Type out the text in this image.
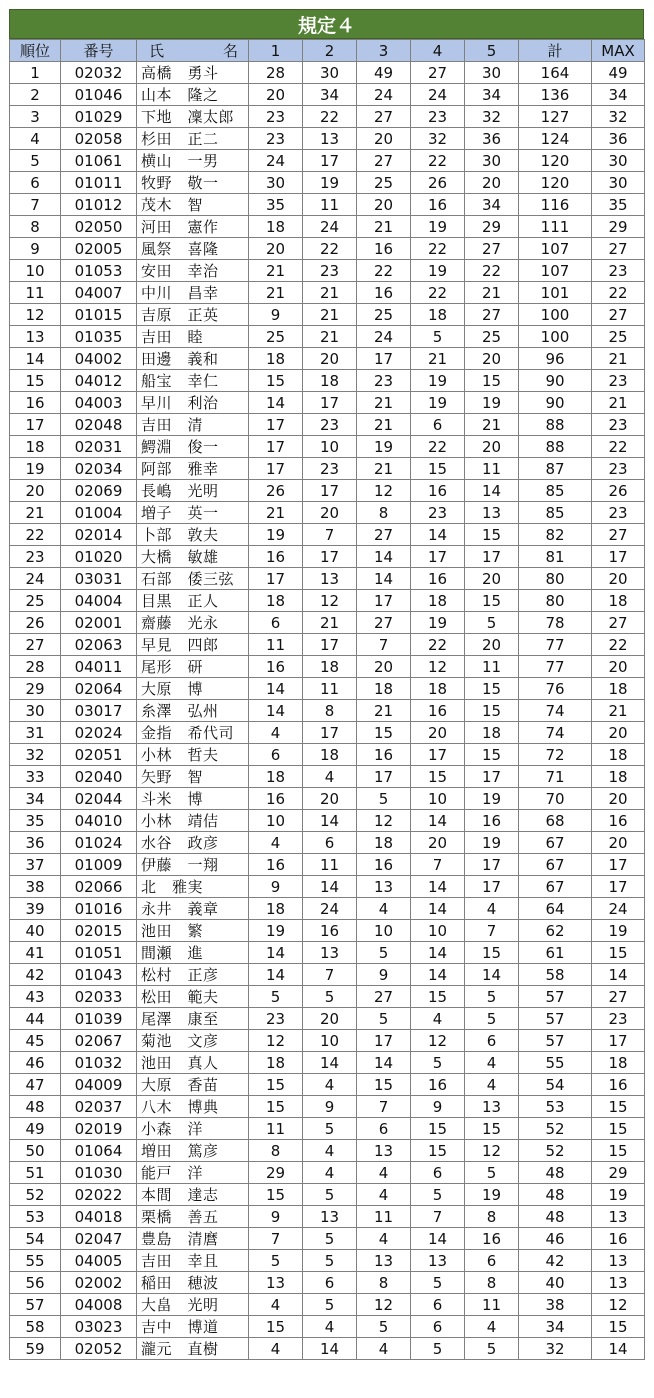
規定４
順位	番号	氏 名	1	2	3	4	5	計	MAX
1	02032	高橋　勇斗	28	30	49	27	30	164	49
2	01046	山本　隆之	20	34	24	24	34	136	34
3	01029	下地　凜太郎	23	22	27	23	32	127	32
4	02058	杉田　正二	23	13	20	32	36	124	36
5	01061	横山　一男	24	17	27	22	30	120	30
6	01011	牧野　敬一	30	19	25	26	20	120	30
7	01012	茂木　智	35	11	20	16	34	116	35
8	02050	河田　憲作	18	24	21	19	29	111	29
9	02005	風祭　喜隆	20	22	16	22	27	107	27
10	01053	安田　幸治	21	23	22	19	22	107	23
11	04007	中川　昌幸	21	21	16	22	21	101	22
12	01015	吉原　正英	9	21	25	18	27	100	27
13	01035	吉田　睦	25	21	24	5	25	100	25
14	04002	田邊　義和	18	20	17	21	20	96	21
15	04012	船宝　幸仁	15	18	23	19	15	90	23
16	04003	早川　利治	14	17	21	19	19	90	21
17	02048	吉田　清	17	23	21	6	21	88	23
18	02031	鰐淵　俊一	17	10	19	22	20	88	22
19	02034	阿部　雅幸	17	23	21	15	11	87	23
20	02069	長嶋　光明	26	17	12	16	14	85	26
21	01004	増子　英一	21	20	8	23	13	85	23
22	02014	卜部　敦夫	19	7	27	14	15	82	27
23	01020	大橋　敏雄	16	17	14	17	17	81	17
24	03031	石部　倭三弦	17	13	14	16	20	80	20
25	04004	目黒　正人	18	12	17	18	15	80	18
26	02001	齋藤　光永	6	21	27	19	5	78	27
27	02063	早見　四郎	11	17	7	22	20	77	22
28	04011	尾形　研	16	18	20	12	11	77	20
29	02064	大原　博	14	11	18	18	15	76	18
30	03017	糸澤　弘州	14	8	21	16	15	74	21
31	02024	金指　希代司	4	17	15	20	18	74	20
32	02051	小林　哲夫	6	18	16	17	15	72	18
33	02040	矢野　智	18	4	17	15	17	71	18
34	02044	斗米　博	16	20	5	10	19	70	20
35	04010	小林　靖佶	10	14	12	14	16	68	16
36	01024	水谷　政彦	4	6	18	20	19	67	20
37	01009	伊藤　一翔	16	11	16	7	17	67	17
38	02066	北　雅実	9	14	13	14	17	67	17
39	01016	永井　義章	18	24	4	14	4	64	24
40	02015	池田　繁	19	16	10	10	7	62	19
41	01051	間瀬　進	14	13	5	14	15	61	15
42	01043	松村　正彦	14	7	9	14	14	58	14
43	02033	松田　範夫	5	5	27	15	5	57	27
44	01039	尾澤　康至	23	20	5	4	5	57	23
45	02067	菊池　文彦	12	10	17	12	6	57	17
46	01032	池田　真人	18	14	14	5	4	55	18
47	04009	大原　香苗	15	4	15	16	4	54	16
48	02037	八木　博典	15	9	7	9	13	53	15
49	02019	小森　洋	11	5	6	15	15	52	15
50	01064	増田　篤彦	8	4	13	15	12	52	15
51	01030	能戸　洋	29	4	4	6	5	48	29
52	02022	本間　達志	15	5	4	5	19	48	19
53	04018	栗橋　善五	9	13	11	7	8	48	13
54	02047	豊島　清麿	7	5	4	14	16	46	16
55	04005	吉田　幸且	5	5	13	13	6	42	13
56	02002	稲田　穂波	13	6	8	5	8	40	13
57	04008	大畠　光明	4	5	12	6	11	38	12
58	03023	吉中　博道	15	4	5	6	4	34	15
59	02052	瀧元　直樹	4	14	4	5	5	32	14
